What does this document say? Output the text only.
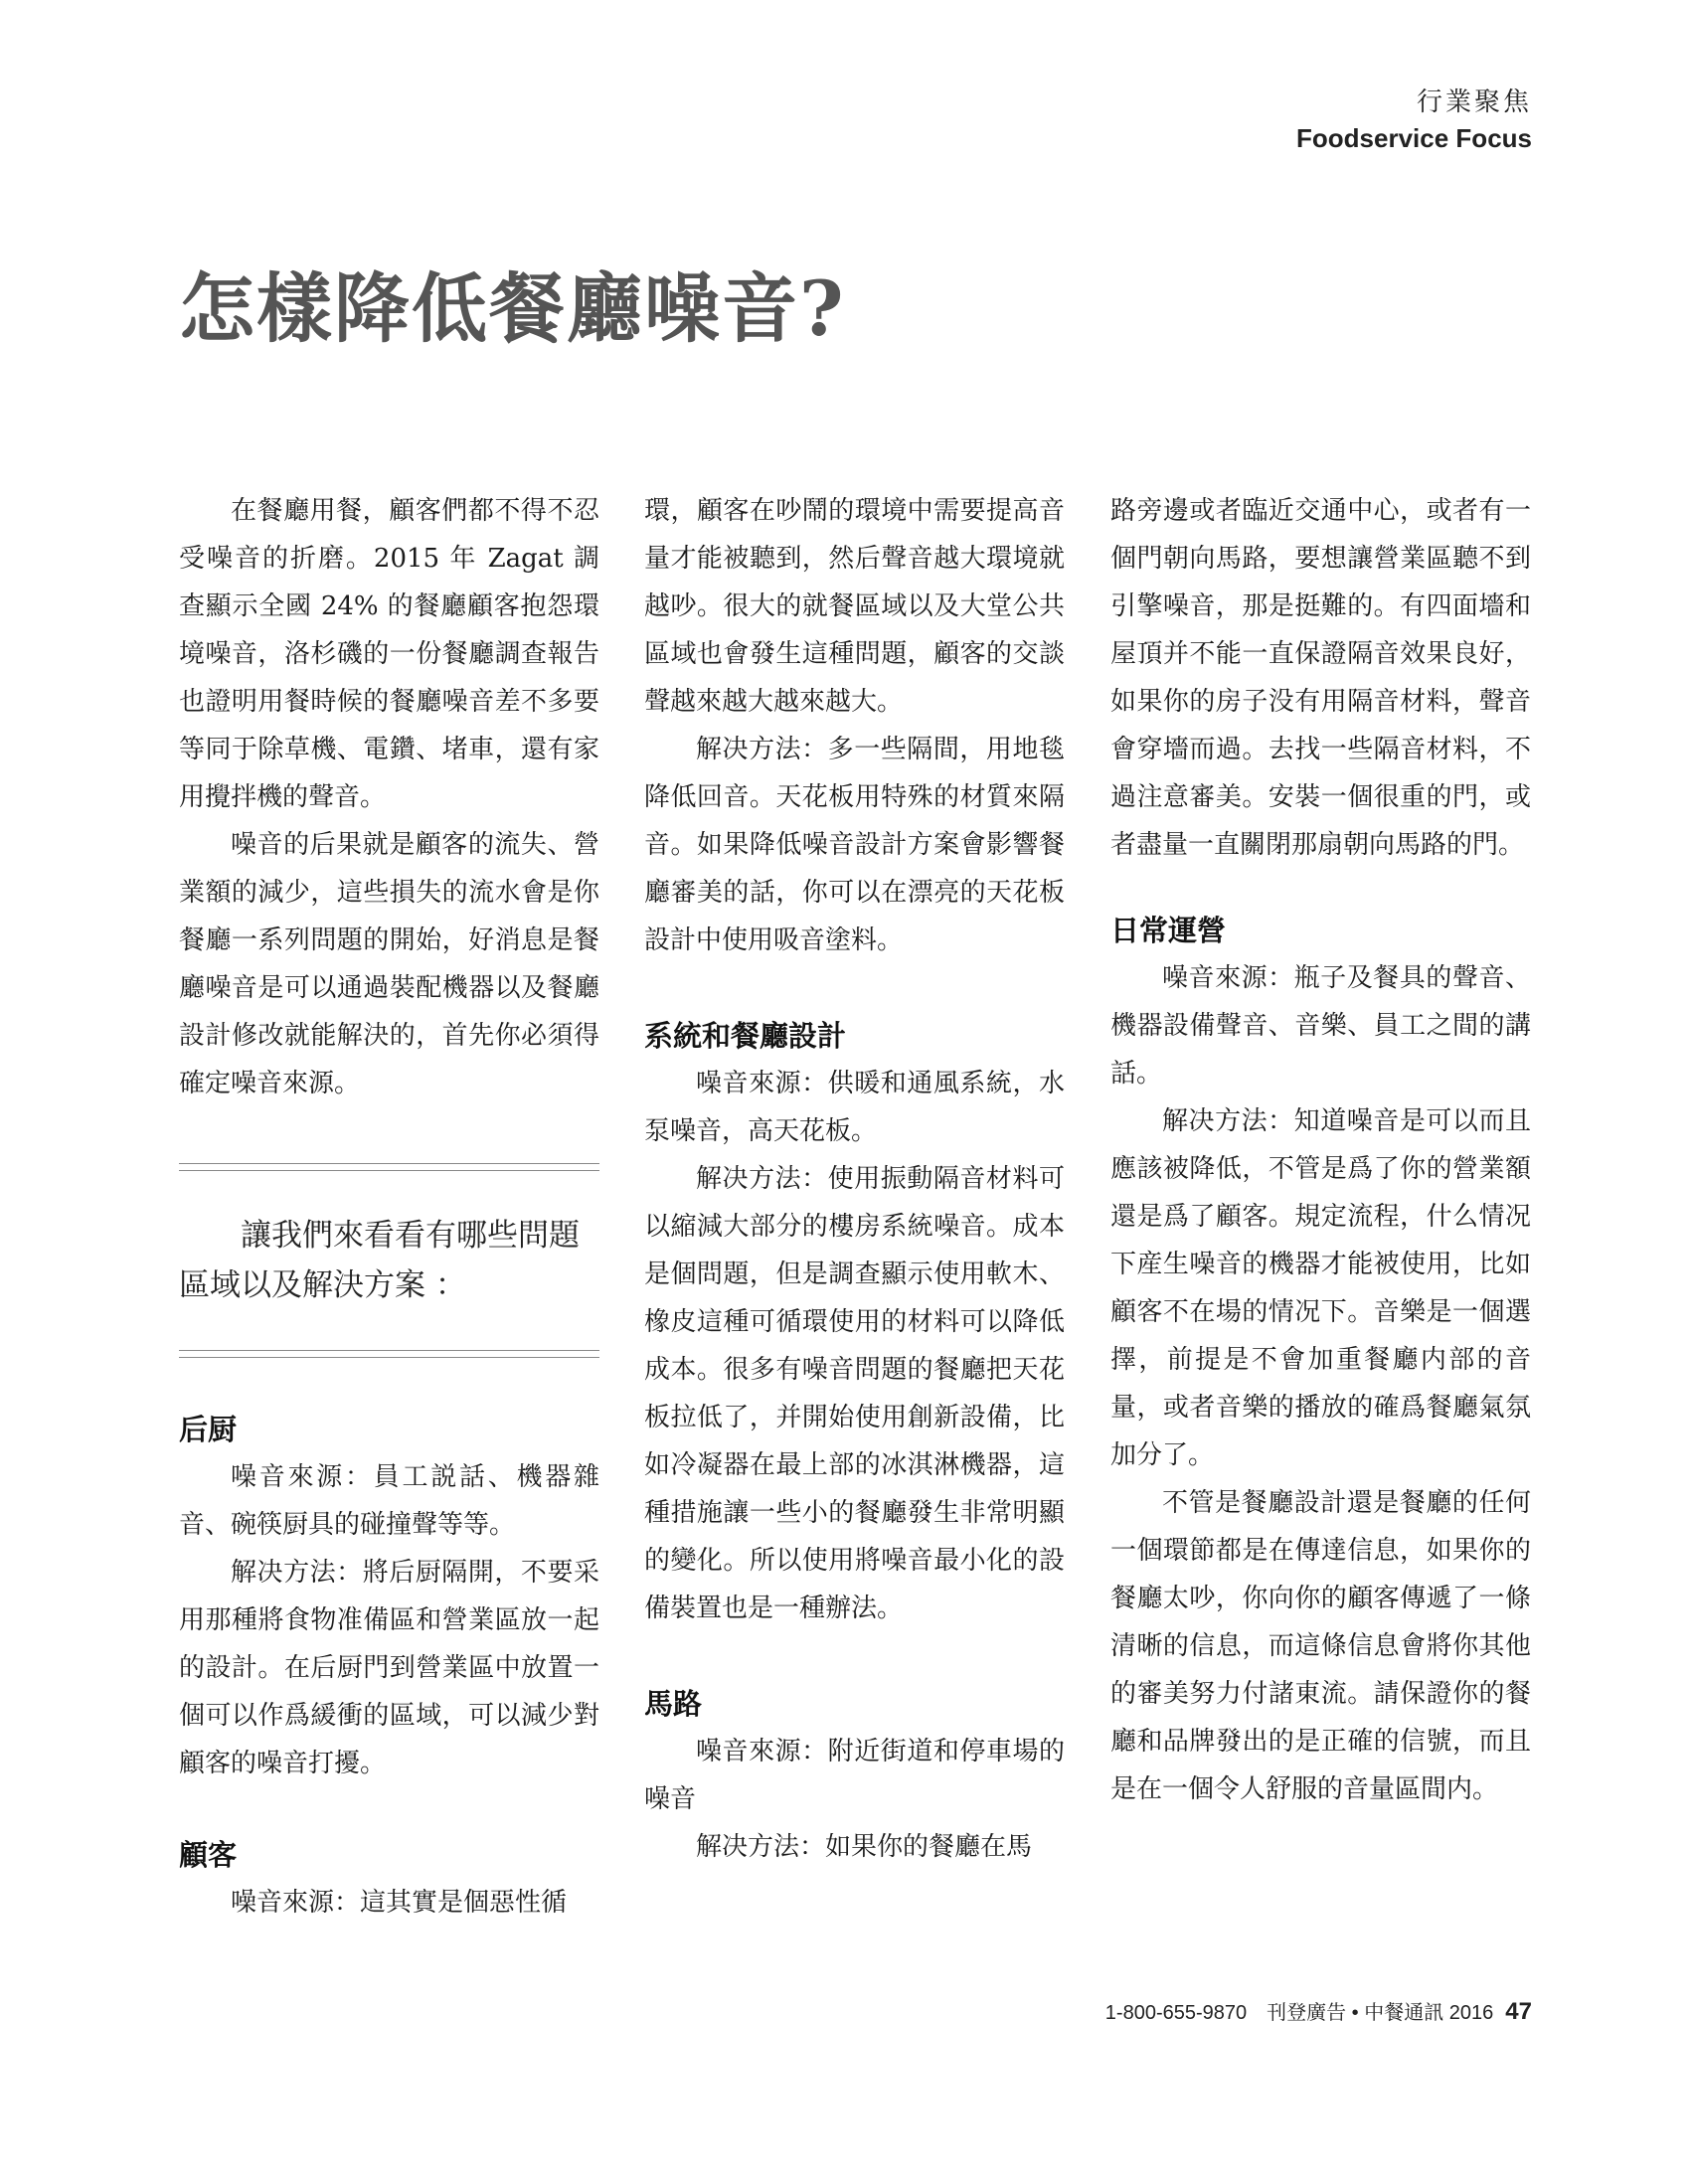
行業聚焦
Foodservice Focus
怎樣降低餐廳噪音?

在餐廳用餐，顧客們都不得不忍受噪音的折磨。2015 年 Zagat 調查顯示全國 24% 的餐廳顧客抱怨環境噪音，洛杉磯的一份餐廳調查報告也證明用餐時候的餐廳噪音差不多要等同于除草機、電鑽、堵車，還有家用攪拌機的聲音。

噪音的后果就是顧客的流失、營業額的減少，這些損失的流水會是你餐廳一系列問題的開始，好消息是餐廳噪音是可以通過裝配機器以及餐廳設計修改就能解決的，首先你必須得確定噪音來源。

讓我們來看看有哪些問題區域以及解決方案 ：
后厨

噪音來源：員工説話、機器雜音、碗筷厨具的碰撞聲等等。

解决方法：將后厨隔開，不要采用那種將食物准備區和營業區放一起的設計。在后厨門到營業區中放置一個可以作爲緩衝的區域，可以減少對顧客的噪音打擾。

顧客

噪音來源：這其實是個惡性循

環，顧客在吵鬧的環境中需要提高音量才能被聽到，然后聲音越大環境就越吵。很大的就餐區域以及大堂公共區域也會發生這種問題，顧客的交談聲越來越大越來越大。

解决方法：多一些隔間，用地毯降低回音。天花板用特殊的材質來隔音。如果降低噪音設計方案會影響餐廳審美的話，你可以在漂亮的天花板設計中使用吸音塗料。

系統和餐廳設計

噪音來源：供暖和通風系統，水泵噪音，高天花板。

解决方法：使用振動隔音材料可以縮減大部分的樓房系統噪音。成本是個問題，但是調查顯示使用軟木、橡皮這種可循環使用的材料可以降低成本。很多有噪音問題的餐廳把天花板拉低了，并開始使用創新設備，比如冷凝器在最上部的冰淇淋機器，這種措施讓一些小的餐廳發生非常明顯的變化。所以使用將噪音最小化的設備裝置也是一種辦法。

馬路

噪音來源：附近街道和停車場的噪音

解决方法：如果你的餐廳在馬

路旁邊或者臨近交通中心，或者有一個門朝向馬路，要想讓營業區聽不到引擎噪音，那是挺難的。有四面墻和屋頂并不能一直保證隔音效果良好，如果你的房子没有用隔音材料，聲音會穿墻而過。去找一些隔音材料，不過注意審美。安裝一個很重的門，或者盡量一直關閉那扇朝向馬路的門。

日常運營

噪音來源：瓶子及餐具的聲音、機器設備聲音、音樂、員工之間的講話。

解决方法：知道噪音是可以而且應該被降低，不管是爲了你的營業額還是爲了顧客。規定流程，什么情况下産生噪音的機器才能被使用，比如顧客不在場的情况下。音樂是一個選擇，前提是不會加重餐廳内部的音量，或者音樂的播放的確爲餐廳氣氛加分了。

不管是餐廳設計還是餐廳的任何一個環節都是在傳達信息，如果你的餐廳太吵，你向你的顧客傳遞了一條清晰的信息，而這條信息會將你其他的審美努力付諸東流。請保證你的餐廳和品牌發出的是正確的信號，而且是在一個令人舒服的音量區間内。

1-800-655-9870　刊登廣告 • 中餐通訊 2016 47
